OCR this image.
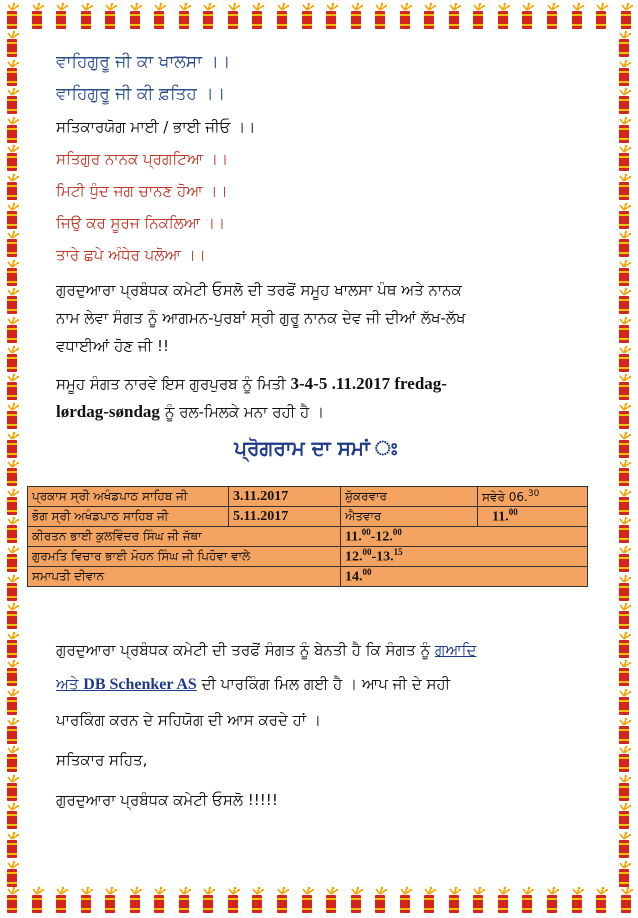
ਵਾਹਿਗੁਰੂ ਜੀ ਕਾ ਖਾਲਸਾ ।।

ਵਾਹਿਗੁਰੂ ਜੀ ਕੀ ਫ਼ਤਿਹ ।।

ਸਤਿਕਾਰਯੋਗ ਮਾਈ / ਭਾਈ ਜੀਓ ।।

ਸਤਿਗੁਰ ਨਾਨਕ ਪ੍ਰਗਟਿਆ ।।

ਮਿਟੀ ਧੁੰਦ ਜਗ ਚਾਨਣ ਹੋਆ ।।

ਜਿਉ ਕਰ ਸੂਰਜ ਨਿਕਲਿਆ ।।

ਤਾਰੇ ਛਪੇ ਅੰਧੇਰ ਪਲੋਆ ।।

ਗੁਰਦੁਆਰਾ ਪ੍ਰਬੰਧਕ ਕਮੇਟੀ ਓਸਲੋ ਦੀ ਤਰਫੋਂ ਸਮੂਹ ਖਾਲਸਾ ਪੰਥ ਅਤੇ ਨਾਨਕ

ਨਾਮ ਲੇਵਾ ਸੰਗਤ ਨੂੰ ਆਗਮਨ-ਪੁਰਬਾਂ ਸ੍ਰੀ ਗੁਰੂ ਨਾਨਕ ਦੇਵ ਜੀ ਦੀਆਂ ਲੱਖ-ਲੱਖ

ਵਧਾਈਆਂ ਹੋਣ ਜੀ !!

ਸਮੂਹ ਸੰਗਤ ਨਾਰਵੇ ਇਸ ਗੁਰਪੁਰਬ ਨੂੰ ਮਿਤੀ 3-4-5 .11.2017 fredag-

lørdag-søndag ਨੂੰ ਰਲ-ਮਿਲਕੇ ਮਨਾ ਰਹੀ ਹੈ ।

ਪ੍ਰੋਗਰਾਮ ਦਾ ਸਮਾਂ ਃ

ਪ੍ਰਕਾਸ ਸ੍ਰੀ ਅਖੰਡਪਾਠ ਸਾਹਿਬ ਜੀ	3.11.2017	ਸ਼ੁੱਕਰਵਾਰ	ਸਵੇਰੇ 06.30
ਭੋਗ ਸ੍ਰੀ ਅਖੰਡਪਾਠ ਸਾਹਿਬ ਜੀ	5.11.2017	ਐਤਵਾਰ	11.00
ਕੀਰਤਨ ਭਾਈ ਕੁਲਵਿੰਦਰ ਸਿੰਘ ਜੀ ਜੱਥਾ		11.00-12.00
ਗੁਰਮਤਿ ਵਿਚਾਰ ਭਾਈ ਮੋਹਨ ਸਿੰਘ ਜੀ ਪਿਹੋਵਾ ਵਾਲੇ		12.00-13.15
ਸਮਾਪਤੀ ਦੀਵਾਨ		14.00

ਗੁਰਦੁਆਰਾ ਪ੍ਰਬੰਧਕ ਕਮੇਟੀ ਦੀ ਤਰਫੋਂ ਸੰਗਤ ਨੂੰ ਬੇਨਤੀ ਹੈ ਕਿ ਸੰਗਤ ਨੂੰ ਗਆਦਿ

ਅਤੇ DB Schenker AS ਦੀ ਪਾਰਕਿੰਗ ਮਿਲ ਗਈ ਹੈ । ਆਪ ਜੀ ਦੇ ਸਹੀ

ਪਾਰਕਿੰਗ ਕਰਨ ਦੇ ਸਹਿਯੋਗ ਦੀ ਆਸ ਕਰਦੇ ਹਾਂ ।

ਸਤਿਕਾਰ ਸਹਿਤ,

ਗੁਰਦੁਆਰਾ ਪ੍ਰਬੰਧਕ ਕਮੇਟੀ ਓਸਲੋ !!!!!
